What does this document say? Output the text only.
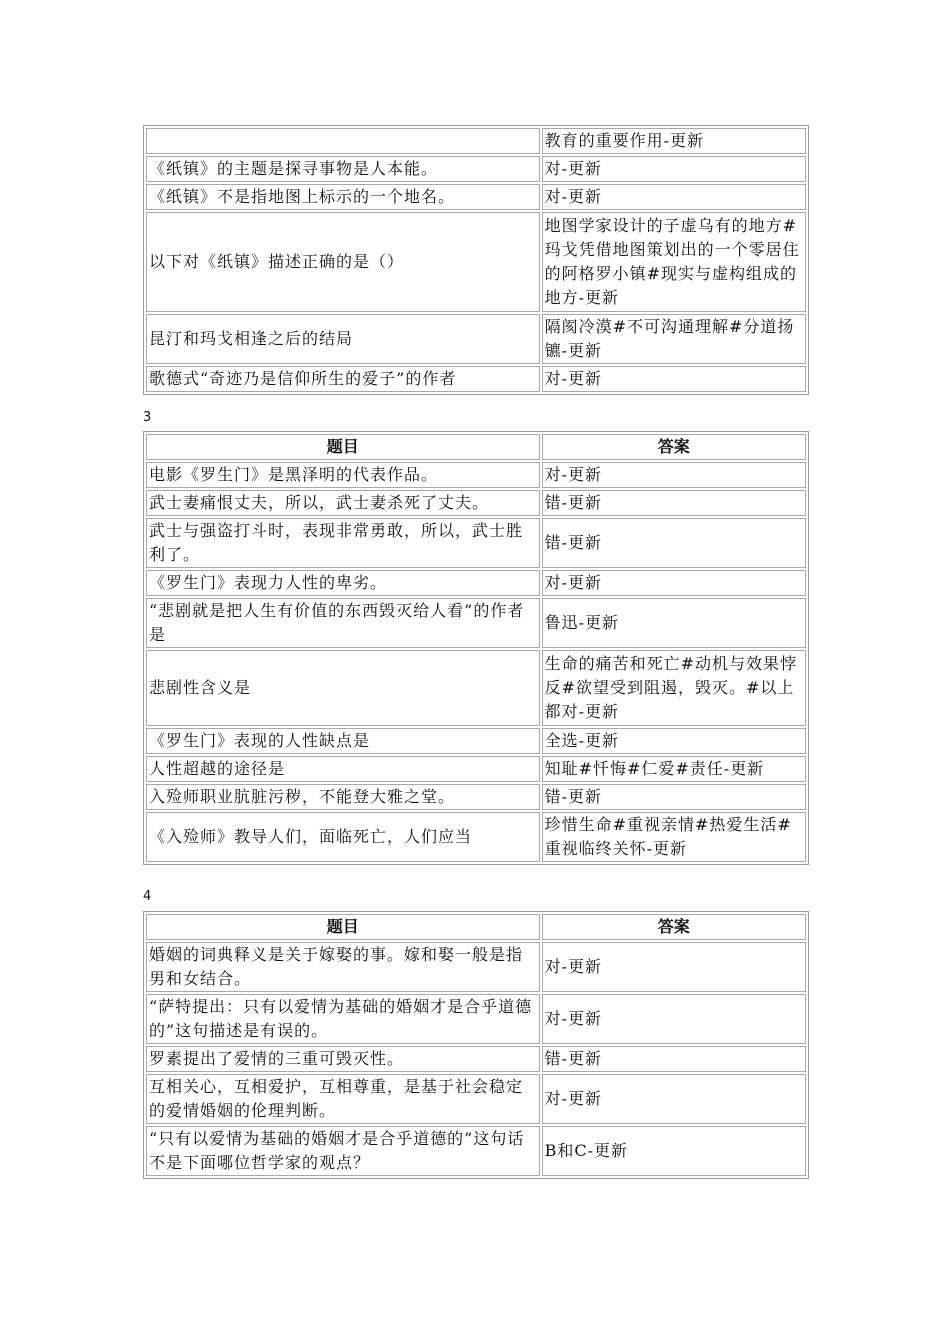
	教育的重要作用-更新
《纸镇》的主题是探寻事物是人本能。	对-更新
《纸镇》不是指地图上标示的一个地名。	对-更新
以下对《纸镇》描述正确的是（）	地图学家设计的子虚乌有的地方#玛戈凭借地图策划出的一个零居住的阿格罗小镇#现实与虚构组成的地方-更新
昆汀和玛戈相逢之后的结局	隔阂冷漠#不可沟通理解#分道扬镳-更新
歌德式“奇迹乃是信仰所生的爱子”的作者	对-更新
3
题目	答案
电影《罗生门》是黑泽明的代表作品。	对-更新
武士妻痛恨丈夫，所以，武士妻杀死了丈夫。	错-更新
武士与强盗打斗时，表现非常勇敢，所以，武士胜利了。	错-更新
《罗生门》表现力人性的卑劣。	对-更新
“悲剧就是把人生有价值的东西毁灭给人看”的作者是	鲁迅-更新
悲剧性含义是	生命的痛苦和死亡#动机与效果悖反#欲望受到阻遏，毁灭。#以上都对-更新
《罗生门》表现的人性缺点是	全选-更新
人性超越的途径是	知耻#忏悔#仁爱#责任-更新
入殓师职业肮脏污秽，不能登大雅之堂。	错-更新
《入殓师》教导人们，面临死亡，人们应当	珍惜生命#重视亲情#热爱生活#重视临终关怀-更新
4
题目	答案
婚姻的词典释义是关于嫁娶的事。嫁和娶一般是指男和女结合。	对-更新
“萨特提出：只有以爱情为基础的婚姻才是合乎道德的”这句描述是有误的。	对-更新
罗素提出了爱情的三重可毁灭性。	错-更新
互相关心，互相爱护，互相尊重，是基于社会稳定的爱情婚姻的伦理判断。	对-更新
“只有以爱情为基础的婚姻才是合乎道德的”这句话不是下面哪位哲学家的观点？	B和C-更新
